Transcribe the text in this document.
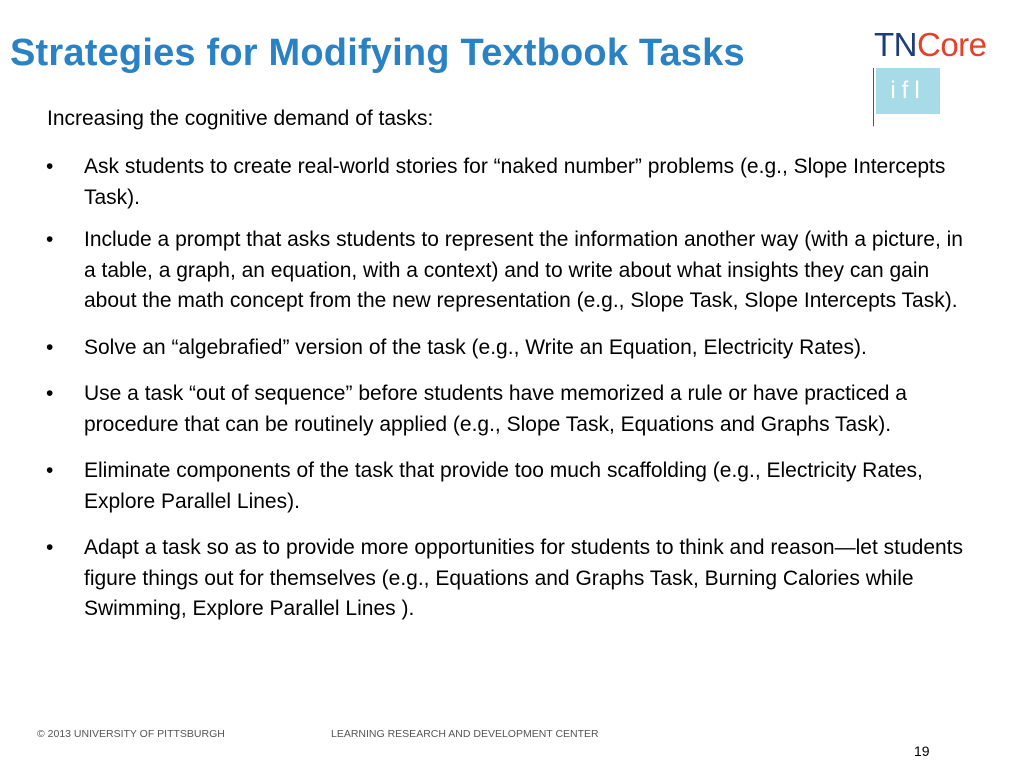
Strategies for Modifying Textbook Tasks	TNCore
ifl
Increasing the cognitive demand of tasks:
•	Ask students to create real-world stories for “naked number” problems (e.g., Slope Intercepts Task).
•	Include a prompt that asks students to represent the information another way (with a picture, in a table, a graph, an equation, with a context) and to write about what insights they can gain about the math concept from the new representation (e.g., Slope Task, Slope Intercepts Task).
•	Solve an “algebrafied” version of the task (e.g., Write an Equation, Electricity Rates).
•	Use a task “out of sequence” before students have memorized a rule or have practiced a procedure that can be routinely applied (e.g., Slope Task, Equations and Graphs Task).
•	Eliminate components of the task that provide too much scaffolding (e.g., Electricity Rates, Explore Parallel Lines).
•	Adapt a task so as to provide more opportunities for students to think and reason—let students figure things out for themselves (e.g., Equations and Graphs Task, Burning Calories while Swimming, Explore Parallel Lines ).
© 2013 UNIVERSITY OF PITTSBURGH	LEARNING RESEARCH AND DEVELOPMENT CENTER
19
